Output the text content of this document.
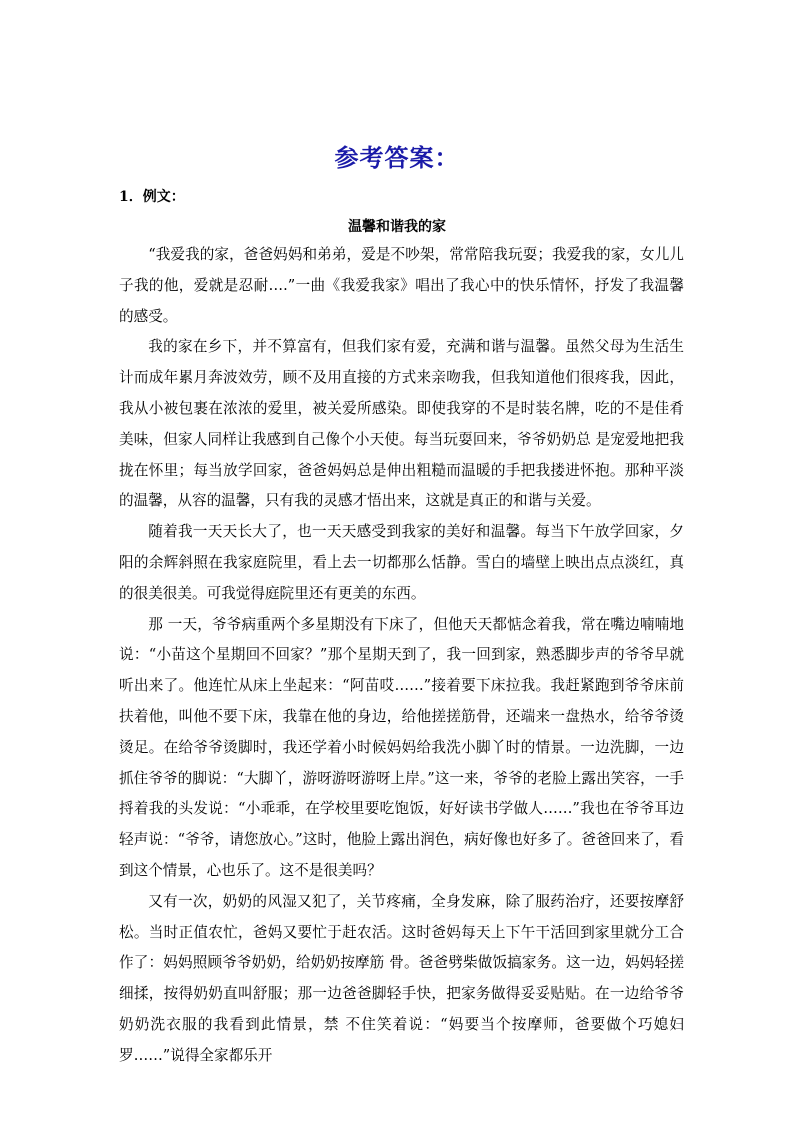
参考答案：
1．例文：
温馨和谐我的家

“我爱我的家，爸爸妈妈和弟弟，爱是不吵架，常常陪我玩耍；我爱我的家，女儿儿子我的他，爱就是忍耐….”一曲《我爱我家》唱出了我心中的快乐情怀，抒发了我温馨的感受。

我的家在乡下，并不算富有，但我们家有爱，充满和谐与温馨。虽然父母为生活生计而成年累月奔波效劳，顾不及用直接的方式来亲吻我，但我知道他们很疼我，因此，我从小被包裹在浓浓的爱里，被关爱所感染。即使我穿的不是时装名牌，吃的不是佳肴美味，但家人同样让我感到自己像个小天使。每当玩耍回来，爷爷奶奶总 是宠爱地把我拢在怀里；每当放学回家，爸爸妈妈总是伸出粗糙而温暖的手把我搂进怀抱。那种平淡的温馨，从容的温馨，只有我的灵感才悟出来，这就是真正的和谐与关爱。

随着我一天天长大了，也一天天感受到我家的美好和温馨。每当下午放学回家，夕阳的余辉斜照在我家庭院里，看上去一切都那么恬静。雪白的墙壁上映出点点淡红，真的很美很美。可我觉得庭院里还有更美的东西。

那 一天，爷爷病重两个多星期没有下床了，但他天天都惦念着我，常在嘴边喃喃地说：“小苗这个星期回不回家？”那个星期天到了，我一回到家，熟悉脚步声的爷爷早就听出来了。他连忙从床上坐起来：“阿苗哎……”接着要下床拉我。我赶紧跑到爷爷床前扶着他，叫他不要下床，我靠在他的身边，给他搓搓筋骨，还端来一盘热水，给爷爷烫烫足。在给爷爷烫脚时，我还学着小时候妈妈给我洗小脚丫时的情景。一边洗脚，一边抓住爷爷的脚说：“大脚丫，游呀游呀游呀上岸。”这一来，爷爷的老脸上露出笑容，一手捋着我的头发说：“小乖乖，在学校里要吃饱饭，好好读书学做人……”我也在爷爷耳边轻声说：“爷爷，请您放心。”这时，他脸上露出润色，病好像也好多了。爸爸回来了，看到这个情景，心也乐了。这不是很美吗？

又有一次，奶奶的风湿又犯了，关节疼痛，全身发麻，除了服药治疗，还要按摩舒松。当时正值农忙，爸妈又要忙于赶农活。这时爸妈每天上下午干活回到家里就分工合作了：妈妈照顾爷爷奶奶，给奶奶按摩筋 骨。爸爸劈柴做饭搞家务。这一边，妈妈轻搓细揉，按得奶奶直叫舒服；那一边爸爸脚轻手快，把家务做得妥妥贴贴。在一边给爷爷奶奶洗衣服的我看到此情景，禁 不住笑着说：“妈要当个按摩师，爸要做个巧媳妇罗……”说得全家都乐开
